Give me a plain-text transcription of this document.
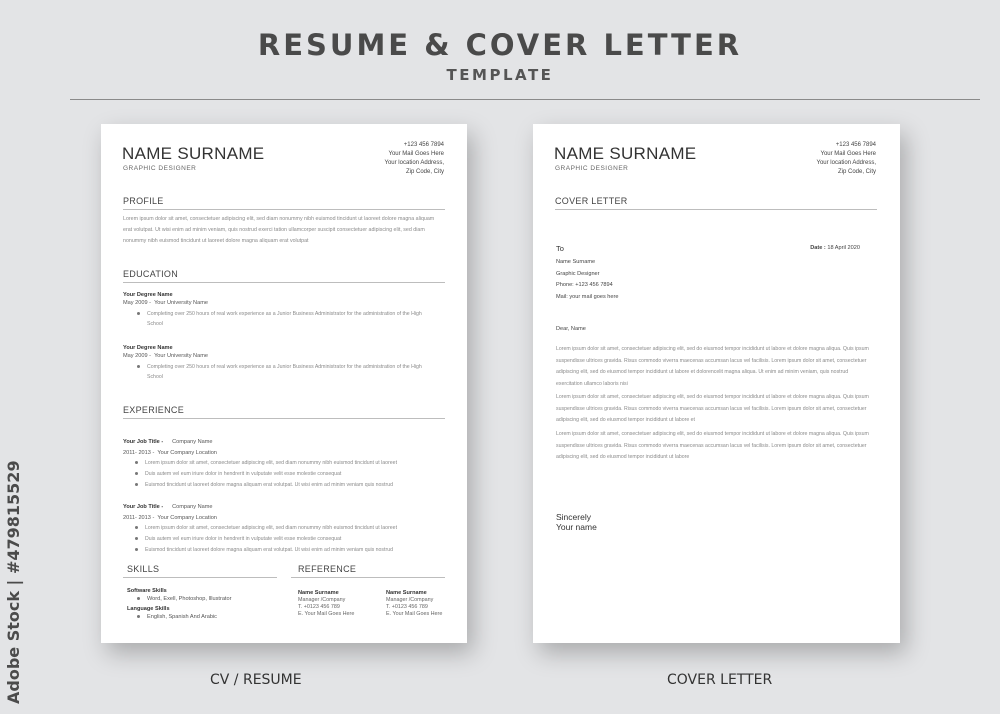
RESUME & COVER LETTER
TEMPLATE
Adobe Stock | #479815529
NAME SURNAME
GRAPHIC DESIGNER
+123 456 7894
Your Mail Goes Here
Your location Address,
Zip Code, City
PROFILE
Lorem ipsum dolor sit amet, consectetuer adipiscing elit, sed diam nonummy nibh euismod tincidunt ut laoreet dolore magna aliquam erat volutpat. Ut wisi enim ad minim veniam, quis nostrud exerci tation ullamcorper suscipit consectetuer adipiscing elit, sed diam nonummy nibh euismod tincidunt ut laoreet dolore magna aliquam erat volutpat
EDUCATION
Your Degree Name
May 2009 - Your University Name
Completing over 250 hours of real work experience as a Junior Business Administrator for the administration of the High School
Your Degree Name
May 2009 - Your University Name
Completing over 250 hours of real work experience as a Junior Business Administrator for the administration of the High School
EXPERIENCE
Your Job Title - Company Name
2011- 2013 - Your Company Location
Lorem ipsum dolor sit amet, consectetuer adipiscing elit, sed diam nonummy nibh euismod tincidunt ut laoreet
Duis autem vel eum iriure dolor in hendrerit in vulputate velit esse molestie consequat
Euismod tincidunt ut laoreet dolore magna aliquam erat volutpat. Ut wisi enim ad minim veniam quis nostrud
Your Job Title - Company Name
2011- 2013 - Your Company Location
Lorem ipsum dolor sit amet, consectetuer adipiscing elit, sed diam nonummy nibh euismod tincidunt ut laoreet
Duis autem vel eum iriure dolor in hendrerit in vulputate velit esse molestie consequat
Euismod tincidunt ut laoreet dolore magna aliquam erat volutpat. Ut wisi enim ad minim veniam quis nostrud
SKILLS
Software Skills
Word, Exell, Photoshop, Illustrator
Language Skills
English, Spanish And Arabic
REFERENCE
Name Surname
Manager /Company
T. +0123 456 789
E. Your Mail Goes Here
Name Surname
Manager /Company
T. +0123 456 789
E. Your Mail Goes Here
NAME SURNAME
GRAPHIC DESIGNER
+123 456 7894
Your Mail Goes Here
Your location Address,
Zip Code, City
COVER LETTER
To	Date : 18 April 2020
Name Surname
Graphic Designer
Phone: +123 456 7894
Mail: your mail goes here
Dear, Name
Lorem ipsum dolor sit amet, consectetuer adipiscing elit, sed do eiusmod tempor incididunt ut labore et dolore magna aliqua. Quis ipsum suspendisse ultrices gravida. Risus commodo viverra maecenas accumsan lacus vel facilisis. Lorem ipsum dolor sit amet, consectetuer adipiscing elit, sed do eiusmod tempor incididunt ut labore et dolorencelit magna aliqua. Ut enim ad minim veniam, quis nostrud exercitation ullamco laboris nisi
Lorem ipsum dolor sit amet, consectetuer adipiscing elit, sed do eiusmod tempor incididunt ut labore et dolore magna aliqua. Quis ipsum suspendisse ultrices gravida. Risus commodo viverra maecenas accumsan lacus vel facilisis. Lorem ipsum dolor sit amet, consectetuer adipiscing elit, sed do eiusmod tempor incididunt ut labore et
Lorem ipsum dolor sit amet, consectetuer adipiscing elit, sed do eiusmod tempor incididunt ut labore et dolore magna aliqua. Quis ipsum suspendisse ultrices gravida. Risus commodo viverra maecenas accumsan lacus vel facilisis. Lorem ipsum dolor sit amet, consectetuer adipiscing elit, sed do eiusmod tempor incididunt ut labore
Sincerely
Your name
CV / RESUME	COVER LETTER
